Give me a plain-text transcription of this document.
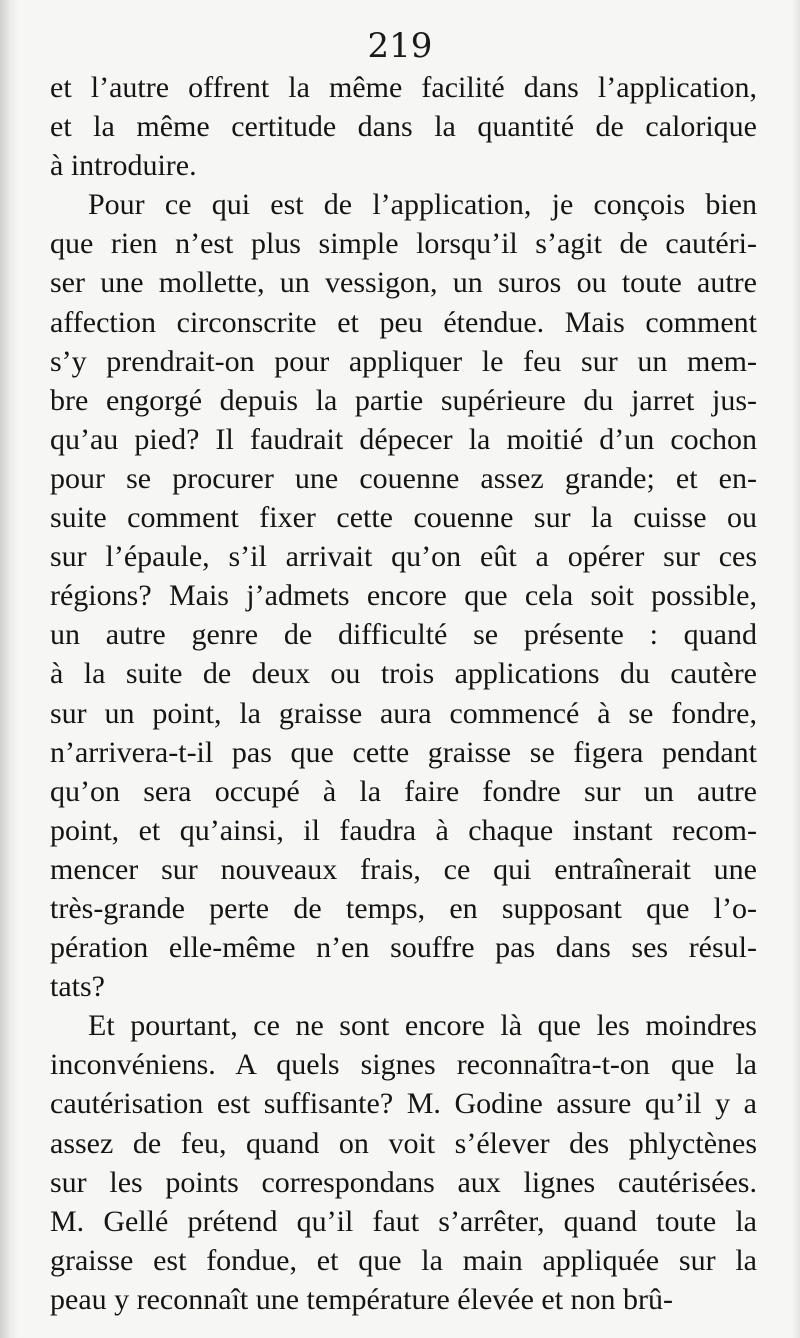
219
et l’autre offrent la même facilité dans l’application,
et la même certitude dans la quantité de calorique
à introduire.
Pour ce qui est de l’application, je conçois bien
que rien n’est plus simple lorsqu’il s’agit de cautéri-
ser une mollette, un vessigon, un suros ou toute autre
affection circonscrite et peu étendue. Mais comment
s’y prendrait-on pour appliquer le feu sur un mem-
bre engorgé depuis la partie supérieure du jarret jus-
qu’au pied? Il faudrait dépecer la moitié d’un cochon
pour se procurer une couenne assez grande; et en-
suite comment fixer cette couenne sur la cuisse ou
sur l’épaule, s’il arrivait qu’on eût a opérer sur ces
régions? Mais j’admets encore que cela soit possible,
un autre genre de difficulté se présente : quand
à la suite de deux ou trois applications du cautère
sur un point, la graisse aura commencé à se fondre,
n’arrivera-t-il pas que cette graisse se figera pendant
qu’on sera occupé à la faire fondre sur un autre
point, et qu’ainsi, il faudra à chaque instant recom-
mencer sur nouveaux frais, ce qui entraînerait une
très-grande perte de temps, en supposant que l’o-
pération elle-même n’en souffre pas dans ses résul-
tats?
Et pourtant, ce ne sont encore là que les moindres
inconvéniens. A quels signes reconnaîtra-t-on que la
cautérisation est suffisante? M. Godine assure qu’il y a
assez de feu, quand on voit s’élever des phlyctènes
sur les points correspondans aux lignes cautérisées.
M. Gellé prétend qu’il faut s’arrêter, quand toute la
graisse est fondue, et que la main appliquée sur la
peau y reconnaît une température élevée et non brû-
